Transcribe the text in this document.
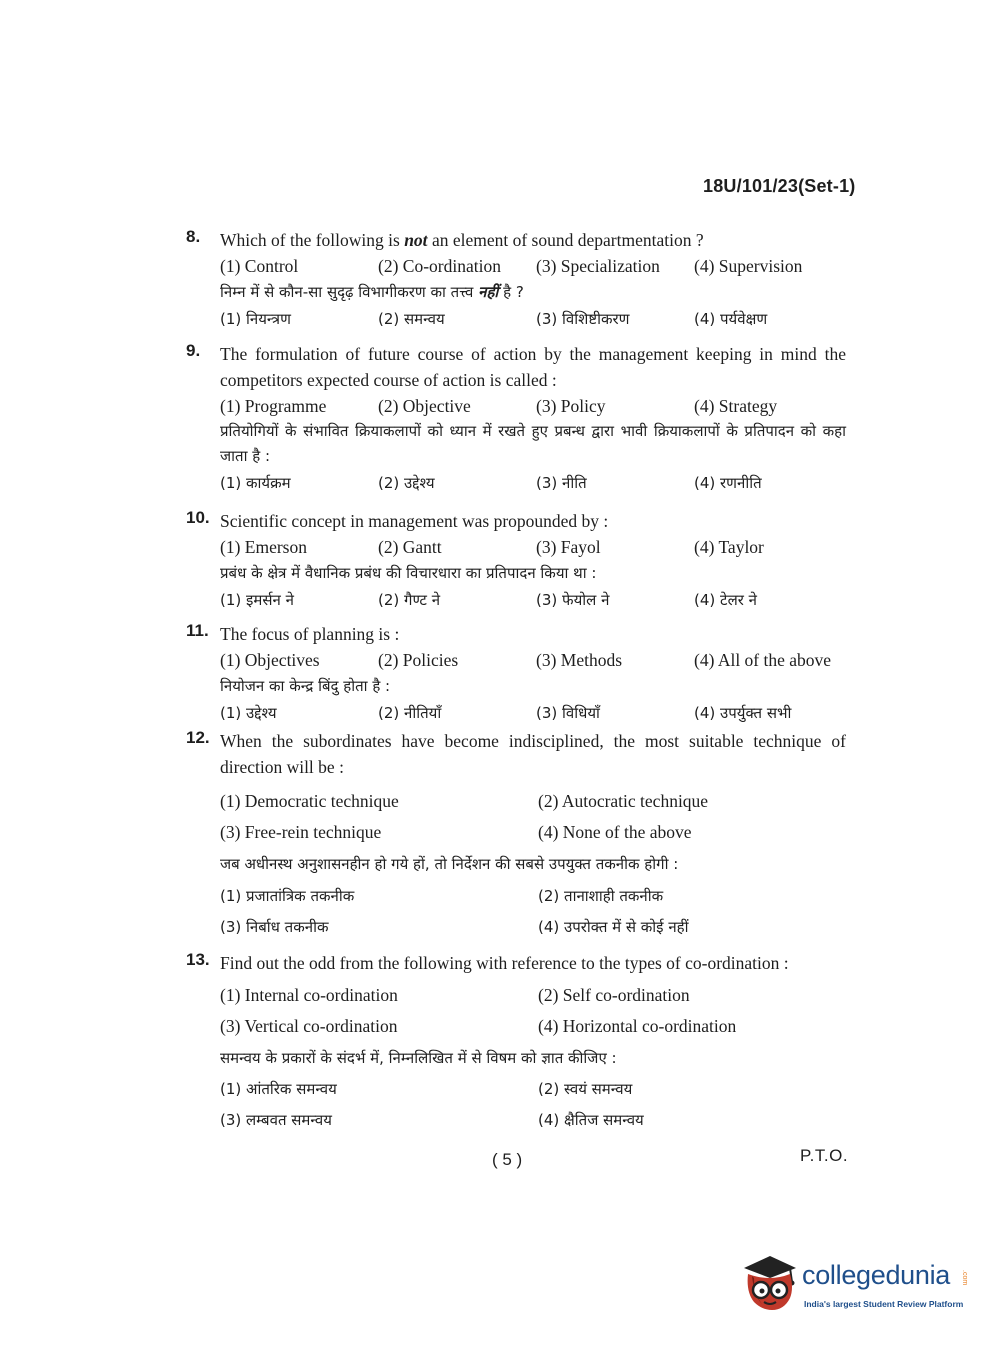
18U/101/23(Set-1)
8. Which of the following is not an element of sound departmentation ?
(1) Control	(2) Co-ordination (3) Specialization (4) Supervision
निम्न में से कौन-सा सुदृढ़ विभागीकरण का तत्त्व नहीं है ?
(1) नियन्त्रण	(2) समन्वय	(3) विशिष्टीकरण	(4) पर्यवेक्षण
9. The formulation of future course of action by the management keeping in mind the competitors expected course of action is called :
(1) Programme	(2) Objective	(3) Policy	(4) Strategy
प्रतियोगियों के संभावित क्रियाकलापों को ध्यान में रखते हुए प्रबन्ध द्वारा भावी क्रियाकलापों के प्रतिपादन को कहा जाता है :
(1) कार्यक्रम	(2) उद्देश्य	(3) नीति	(4) रणनीति
10. Scientific concept in management was propounded by :
(1) Emerson	(2) Gantt	(3) Fayol	(4) Taylor
प्रबंध के क्षेत्र में वैधानिक प्रबंध की विचारधारा का प्रतिपादन किया था :
(1) इमर्सन ने	(2) गैण्ट ने	(3) फेयोल ने	(4) टेलर ने
11. The focus of planning is :
(1) Objectives	(2) Policies	(3) Methods	(4) All of the above
नियोजन का केन्द्र बिंदु होता है :
(1) उद्देश्य	(2) नीतियाँ	(3) विधियाँ	(4) उपर्युक्त सभी
12. When the subordinates have become indisciplined, the most suitable technique of direction will be :
(1) Democratic technique	(2) Autocratic technique
(3) Free-rein technique	(4) None of the above
जब अधीनस्थ अनुशासनहीन हो गये हों, तो निर्देशन की सबसे उपयुक्त तकनीक होगी :
(1) प्रजातांत्रिक तकनीक	(2) तानाशाही तकनीक
(3) निर्बाध तकनीक	(4) उपरोक्त में से कोई नहीं
13. Find out the odd from the following with reference to the types of co-ordination :
(1) Internal co-ordination	(2) Self co-ordination
(3) Vertical co-ordination	(4) Horizontal co-ordination
समन्वय के प्रकारों के संदर्भ में, निम्नलिखित में से विषम को ज्ञात कीजिए :
(1) आंतरिक समन्वय	(2) स्वयं समन्वय
(3) लम्बवत समन्वय	(4) क्षैतिज समन्वय
( 5 )	P.T.O.
collegedunia .com
India's largest Student Review Platform
